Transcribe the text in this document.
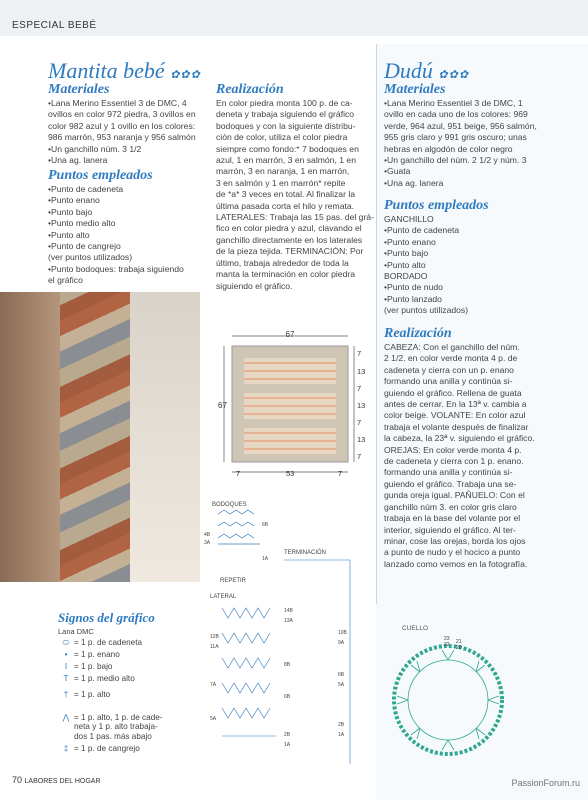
ESPECIAL BEBÉ
Mantita bebé ✿✿✿
Materiales
•Lana Merino Essentiel 3 de DMC, 4
ovillos en color 972 piedra, 3 ovillos en
color 982 azul y 1 ovillo en los colores:
986 marrón, 953 naranja y 956 salmón
•Un ganchillo núm. 3 1/2
•Una ag. lanera
Puntos empleados
•Punto de cadeneta
•Punto enano
•Punto bajo
•Punto medio alto
•Punto alto
•Punto de cangrejo
(ver puntos utilizados)
•Punto bodoques: trabaja siguiendo
el gráfico
Realización
En color piedra monta 100 p. de ca-
deneta y trabaja siguiendo el gráfico
bodoques y con la siguiente distribu-
ción de color, utiliza el color piedra
siempre como fondo:* 7 bodoques en
azul, 1 en marrón, 3 en salmón, 1 en
marrón, 3 en naranja, 1 en marrón,
3 en salmón y 1 en marrón* repite
de *a* 3 veces en total. Al finalizar la
última pasada corta el hilo y remata.
LATERALES: Trabaja las 15 pas. del grá-
fico en color piedra y azul, clavando el
ganchillo directamente en los laterales
de la pieza tejida. TERMINACIÓN: Por
último, trabaja alrededor de toda la
manta la terminación en color piedra
siguiendo el gráfico.
67
67
7
13
7
13
7
13
7
7	53	7
BODOQUES
4B
3A
6B
1A
REPETIR
TERMINACIÓN
LATERAL
14B
13A
12B
11A
8B
7A
6B
5A
2B
1A
10B
9A
6B
5A
2B
1A
Signos del gráfico
Lana DMC
⬭ = 1 p. de cadeneta
• = 1 p. enano
I = 1 p. bajo
T = 1 p. medio alto
† = 1 p. alto
⋀ = 1 p. alto, 1 p. de cade-
neta y 1 p. alto trabaja-
dos 1 pas. más abajo
‡ = 1 p. de cangrejo
Dudú ✿✿✿
Materiales
•Lana Merino Essentiel 3 de DMC, 1
ovillo en cada uno de los colores: 969
verde, 964 azul, 951 beige, 956 salmón,
955 gris claro y 991 gris oscuro; unas
hebras en algodón de color negro
•Un ganchillo del núm. 2 1/2 y núm. 3
•Guata
•Una ag. lanera
Puntos empleados
GANCHILLO
•Punto de cadeneta
•Punto enano
•Punto bajo
•Punto alto
BORDADO
•Punto de nudo
•Punto lanzado
(ver puntos utilizados)
Realización
CABEZA: Con el ganchillo del núm.
2 1/2. en color verde monta 4 p. de
cadeneta y cierra con un p. enano
formando una anilla y continúa si-
guiendo el gráfico. Rellena de guata
antes de cerrar. En la 13ª v. cambia a
color beige. VOLANTE: En color azul
trabaja el volante después de finalizar
la cabeza, la 23ª v. siguiendo el gráfico.
OREJAS: En color verde monta 4 p.
de cadeneta y cierra con 1 p. enano.
formando una anilla y continúa si-
guiendo el gráfico. Trabaja una se-
gunda oreja igual. PAÑUELO: Con el
ganchillo núm 3. en color gris claro
trabaja en la base del volante por el
interior, siguiendo el gráfico. Al ter-
minar, cose las orejas, borda los ojos
a punto de nudo y el hocico a punto
lanzado como vemos en la fotografía.
CUELLO
23
22 21
20
70 LABORES DEL HOGAR	PassionForum.ru
